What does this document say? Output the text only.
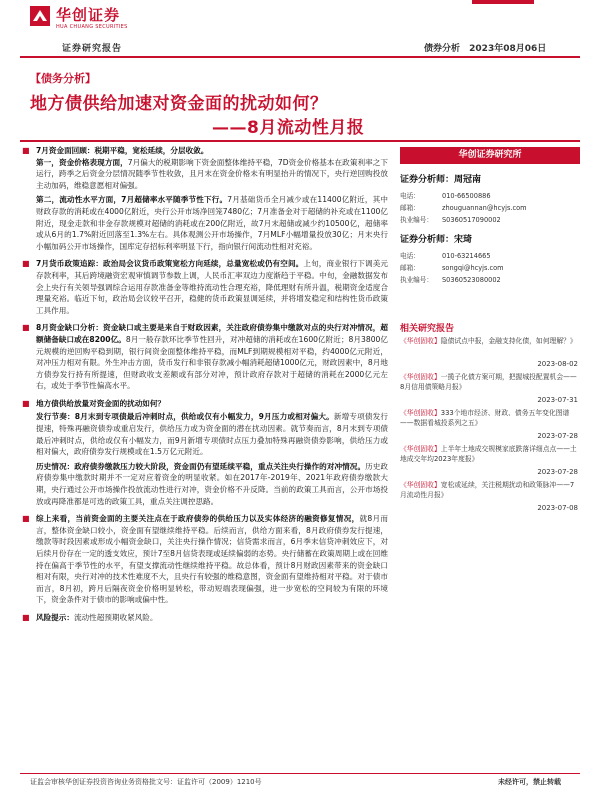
华创证券
HUA CHUANG SECURITIES
证券研究报告	债券分析 2023年08月06日
【债务分析】
地方债供给加速对资金面的扰动如何？
——8月流动性月报
■ 7月资金面回顾：税期平稳，宽松延续，分层收敛。
第一，资金价格表现方面，7月偏大的税期影响下资金面整体维持平稳，7D资金价格基本在政策利率之下运行，跨季之后资金分层情况随季节性收敛，且月末在资金价格未有明显抬升的情况下，央行逆回购投放主动加码，维稳意愿相对偏强。
第二，流动性水平方面，7月超储率水平随季节性下行。7月基础货币全月减少或在11400亿附近，其中财政存款的消耗或在4000亿附近，央行公开市场净回笼7480亿；7月准备金对于超储的补充或在1100亿附近，现金走款和非金存款规模对超储的消耗或在200亿附近，故7月末超储或减少约10500亿，超储率或从6月的1.7%附近回落至1.3%左右。具体观测公开市场操作，7月MLF小幅增量投放30亿；月末央行小幅加码公开市场操作，国库定存招标利率明显下行，指向银行间流动性相对充裕。
■ 7月货币政策追踪：政治局会议货币政策宽松方向延续，总量宽松或仍有空间。上旬，商业银行下调美元存款利率，其后跨境融资宏观审慎调节参数上调，人民币汇率双边力度渐趋于平稳。中旬，金融数据发布会上央行有关领导强调综合运用存款准备金等维持流动性合理充裕，降低理财有所升温，税期资金适度合理量充裕。临近下旬，政治局会议较平召开，稳健的货币政策显调延续，并将增发稳定和结构性货币政策工具作用。
■ 8月资金缺口分析：资金缺口或主要是来自于财政因素，关注政府债券集中缴款对点的央行对冲情况，超额储备缺口或在8200亿。8月一般存款环比季节性回升，对冲超储的消耗或在1600亿附近；8月3800亿元规模的逆回购平稳到期，银行间资金面整体维持平稳，而MLF到期规模相对平稳，约4000亿元附近，对冲压力相对有限。外生冲击方面，货币发行和非银存款减小幅消耗超储1000亿元，财政因素中，8月地方债券发行持有所提速，但财政收支差额或有部分对冲，预计政府存款对于超储的消耗在2000亿元左右，或处于季节性偏高水平。
■ 地方债供给放量对资金面的扰动如何？
发行节奏：8月末到专项债最后冲刺时点，供给或仅有小幅发力，9月压力或相对偏大。新增专项债发行提速，特殊再融资债券或重启发行，供给压力或为资金面的潜在扰动因素。就节奏而言，8月末到专项债最后冲刺时点，供给或仅有小幅发力，而9月新增专项债时点压力叠加特殊再融资债券影响，供给压力或相对偏大，政府债券发行规模或在1.5万亿元附近。
历史情况：政府债券缴款压力较大阶段，资金面仍有望延续平稳，重点关注央行操作的对冲情况。历史政府债券集中缴款时期并不一定对应着资金的明显收紧。如在2017年-2019年、2021年政府债券缴款大期，央行通过公开市场操作投放流动性进行对冲，资金价格不升反降。当前的政策工具而言，公开市场投放或再降准都是可选的政策工具，重点关注调控思路。
■ 综上来看，当前资金面的主要关注点在于政府债券的供给压力以及实体经济的融资修复情况，就8月而言，整体资金缺口较小，资金面有望继续维持平稳。后续而言，供给方面来看，8月政府债券发行提速，缴款等时段因素或形成小幅资金缺口，关注央行操作情况；信贷需求而言，6月季末信贷冲刺效应下，对后续月份存在一定的透支效应，预计7至8月信贷表现或延续偏弱的态势。央行储蓄在政策周期上或在回维持在偏高于季节性的水平，有望支撑流动性继续维持平稳。故总体看，预计8月财政因素带来的资金缺口相对有限，央行对冲的技术性难度不大，且央行有较强的维稳意图，资金面有望维持相对平稳。对于债市而言，8月初，跨月后隔夜资金价格明显转松，带动短端表现偏强，进一步宽松的空间较为有限的环境下，资金条件对于债市的影响或偏中性。
■ 风险提示：流动性超预期收紧风险。
华创证券研究所
证券分析师：周冠南
电话：	010-66500886
邮箱：	zhouguannan@hcyjs.com
执业编号： S0360517090002
证券分析师：宋琦
电话：	010-63214665
邮箱：	songqi@hcyjs.com
执业编号： S0360523080002
相关研究报告
《华创固收】隐债试点中报，金融支持化债，如何理解？》
2023-08-02
《华创固收】一揽子化债方案可期，把握城投配置机会——8月信用债策略月报》
2023-07-31
《华创固收】333个地市经济、财政、债务五年变化图谱——数据看城投系列之五》
2023-07-28
《华创固收】上半年土地成交规模家底跌落详细点点——土地成交年均2023年度报》
2023-07-28
《华创固收】宽松或延续，关注税期扰动和政策脉冲——7月流动性月报》
2023-07-08
证监会审核华创证券投资咨询业务资格批文号：证监许可（2009）1210号	未经许可，禁止转载
